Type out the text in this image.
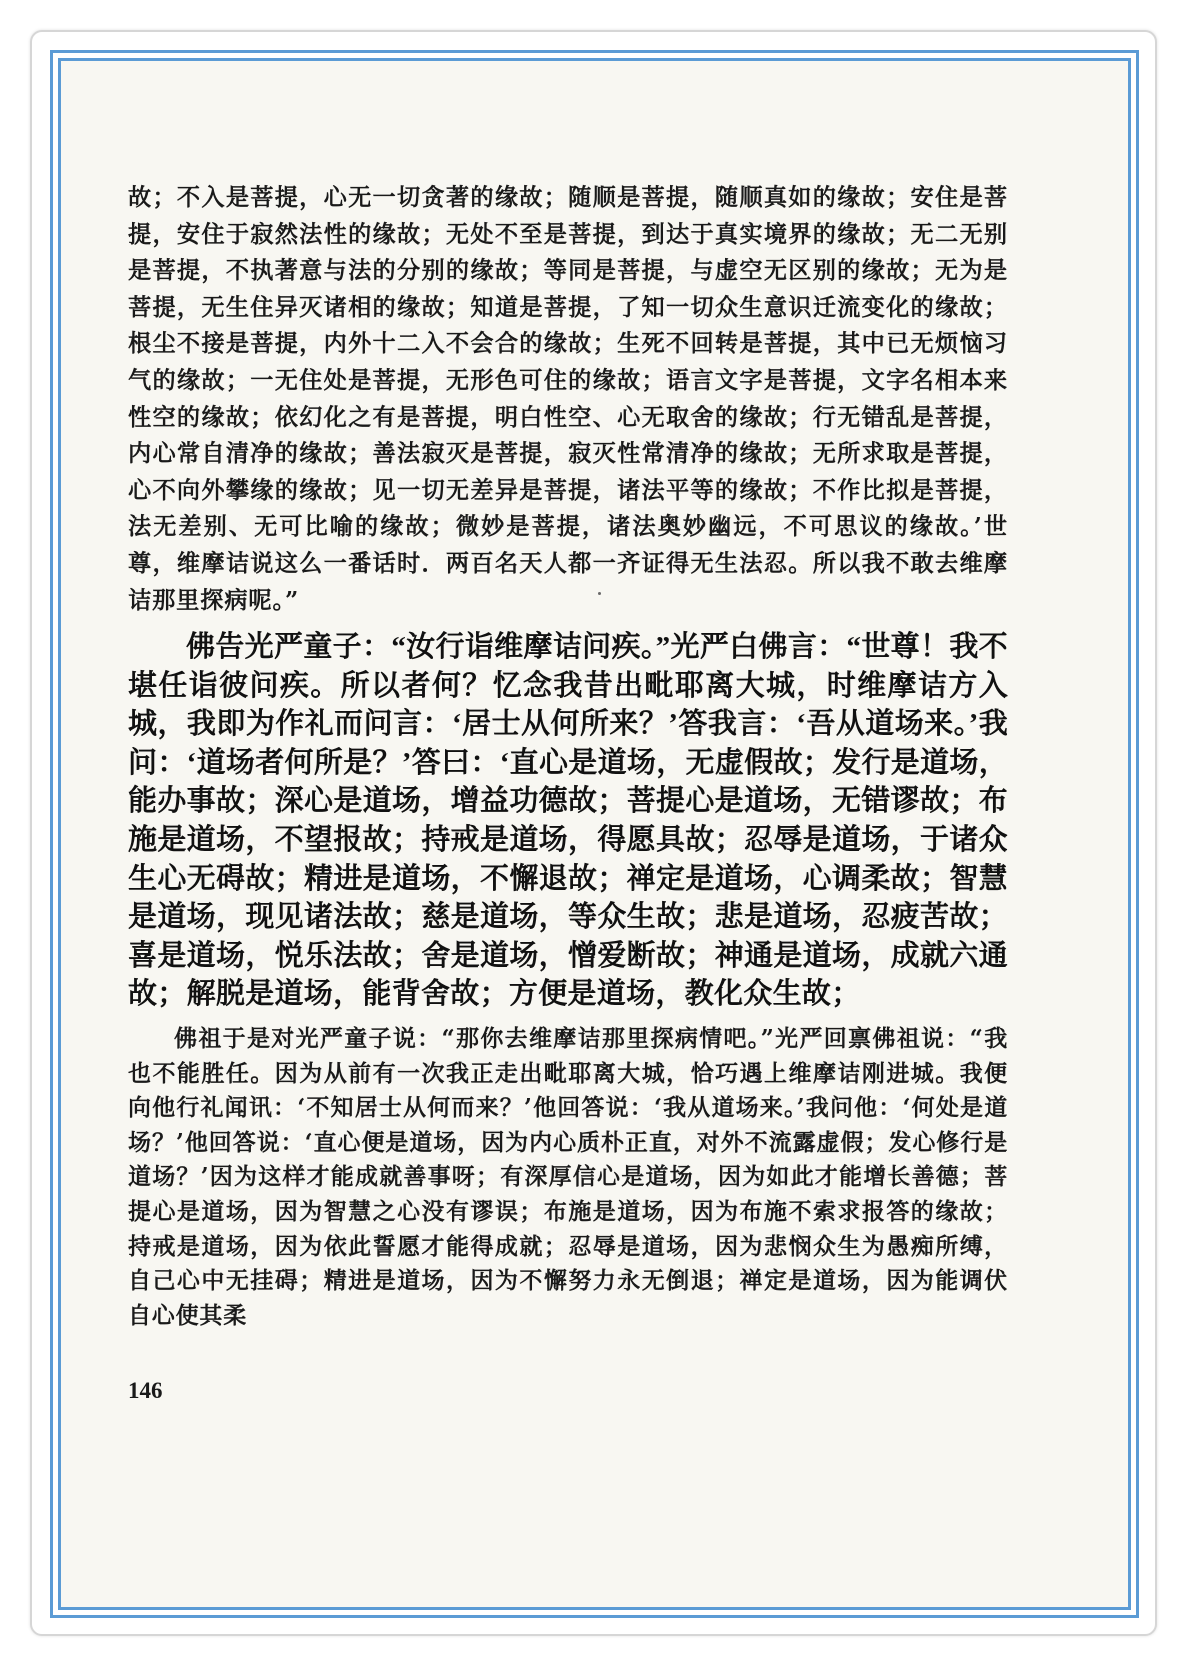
故；不入是菩提，心无一切贪著的缘故；随顺是菩提，随顺真如的缘故；安住是菩提，安住于寂然法性的缘故；无处不至是菩提，到达于真实境界的缘故；无二无别是菩提，不执著意与法的分别的缘故；等同是菩提，与虚空无区别的缘故；无为是菩提，无生住异灭诸相的缘故；知道是菩提，了知一切众生意识迁流变化的缘故；根尘不接是菩提，内外十二入不会合的缘故；生死不回转是菩提，其中已无烦恼习气的缘故；一无住处是菩提，无形色可住的缘故；语言文字是菩提，文字名相本来性空的缘故；依幻化之有是菩提，明白性空、心无取舍的缘故；行无错乱是菩提，内心常自清净的缘故；善法寂灭是菩提，寂灭性常清净的缘故；无所求取是菩提，心不向外攀缘的缘故；见一切无差异是菩提，诸法平等的缘故；不作比拟是菩提，法无差别、无可比喻的缘故；微妙是菩提，诸法奥妙幽远，不可思议的缘故。’世尊，维摩诘说这么一番话时．两百名天人都一齐证得无生法忍。所以我不敢去维摩诘那里探病呢。”

佛告光严童子：“汝行诣维摩诘问疾。”光严白佛言：“世尊！我不堪任诣彼问疾。所以者何？忆念我昔出毗耶离大城，时维摩诘方入城，我即为作礼而问言：‘居士从何所来？’答我言：‘吾从道场来。’我问：‘道场者何所是？’答曰：‘直心是道场，无虚假故；发行是道场，能办事故；深心是道场，增益功德故；菩提心是道场，无错谬故；布施是道场，不望报故；持戒是道场，得愿具故；忍辱是道场，于诸众生心无碍故；精进是道场，不懈退故；禅定是道场，心调柔故；智慧是道场，现见诸法故；慈是道场，等众生故；悲是道场，忍疲苦故；喜是道场，悦乐法故；舍是道场，憎爱断故；神通是道场，成就六通故；解脱是道场，能背舍故；方便是道场，教化众生故；

佛祖于是对光严童子说：“那你去维摩诘那里探病情吧。”光严回禀佛祖说：“我也不能胜任。因为从前有一次我正走出毗耶离大城，恰巧遇上维摩诘刚进城。我便向他行礼闻讯：‘不知居士从何而来？’他回答说：‘我从道场来。’我问他：‘何处是道场？’他回答说：‘直心便是道场，因为内心质朴正直，对外不流露虚假；发心修行是道场？’因为这样才能成就善事呀；有深厚信心是道场，因为如此才能增长善德；菩提心是道场，因为智慧之心没有谬误；布施是道场，因为布施不索求报答的缘故；持戒是道场，因为依此誓愿才能得成就；忍辱是道场，因为悲悯众生为愚痴所缚，自己心中无挂碍；精进是道场，因为不懈努力永无倒退；禅定是道场，因为能调伏自心使其柔

146
